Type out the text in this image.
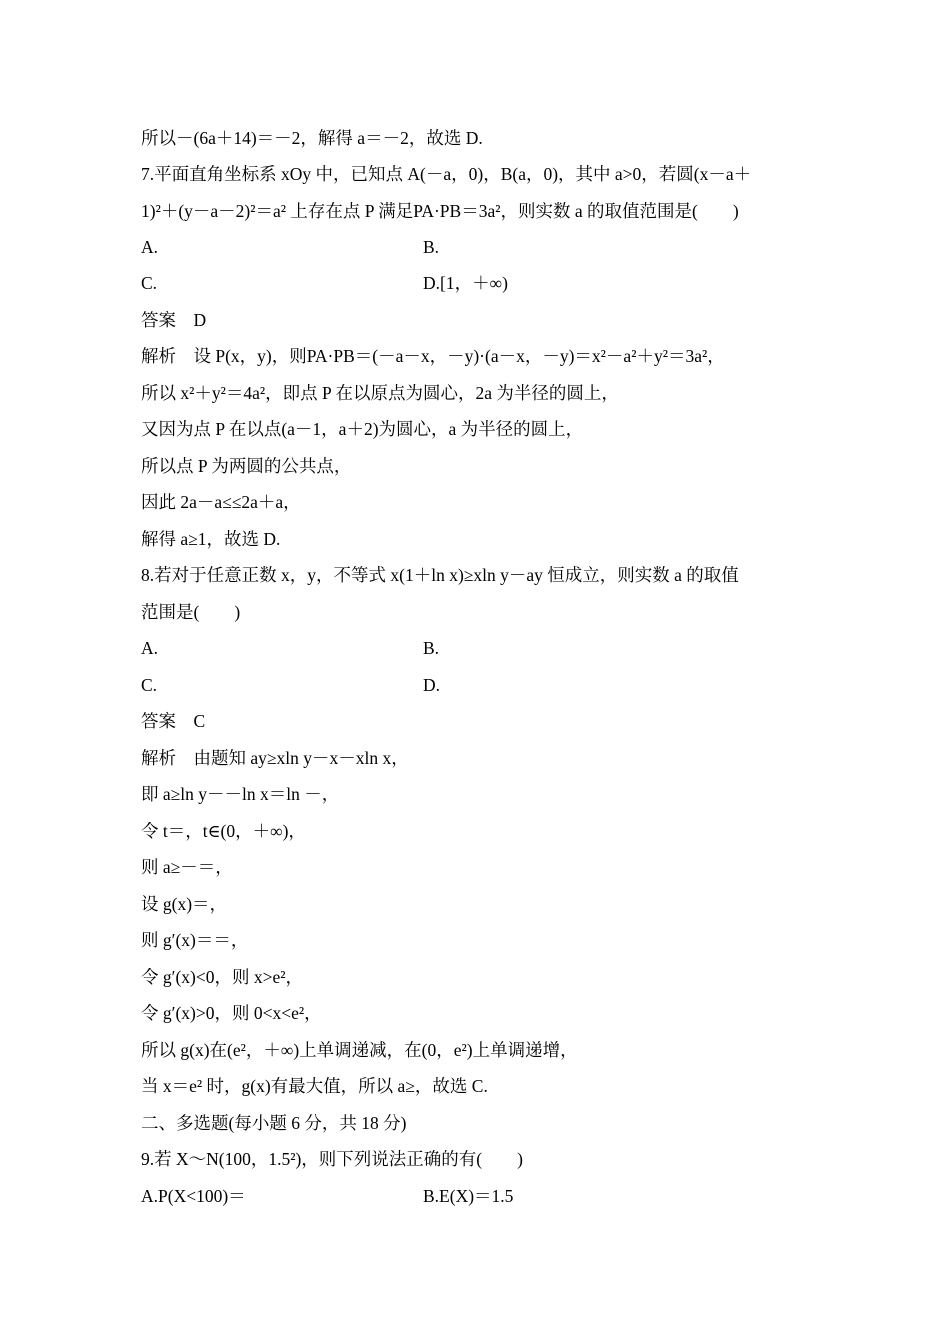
所以－(6a＋14)＝－2，解得 a＝－2，故选 D.
7.平面直角坐标系 xOy 中，已知点 A(－a，0)，B(a，0)，其中 a>0，若圆(x－a＋
1)²＋(y－a－2)²＝a² 上存在点 P 满足PA·PB＝3a²，则实数 a 的取值范围是(　　)
A.	B.
C.	D.[1，＋∞)
答案　D
解析　设 P(x，y)，则PA·PB＝(－a－x，－y)·(a－x，－y)＝x²－a²＋y²＝3a²，
所以 x²＋y²＝4a²，即点 P 在以原点为圆心，2a 为半径的圆上，
又因为点 P 在以点(a－1，a＋2)为圆心，a 为半径的圆上，
所以点 P 为两圆的公共点，
因此 2a－a≤≤2a＋a，
解得 a≥1，故选 D.
8.若对于任意正数 x，y，不等式 x(1＋ln x)≥xln y－ay 恒成立，则实数 a 的取值
范围是(　　)
A.	B.
C.	D.
答案　C
解析　由题知 ay≥xln y－x－xln x，
即 a≥ln y－－ln x＝ln －，
令 t＝，t∈(0，＋∞)，
则 a≥－＝，
设 g(x)＝，
则 g′(x)＝＝，
令 g′(x)<0，则 x>e²，
令 g′(x)>0，则 0<x<e²，
所以 g(x)在(e²，＋∞)上单调递减，在(0，e²)上单调递增，
当 x＝e² 时，g(x)有最大值，所以 a≥，故选 C.
二、多选题(每小题 6 分，共 18 分)
9.若 X～N(100，1.5²)，则下列说法正确的有(　　)
A.P(X<100)＝	B.E(X)＝1.5
